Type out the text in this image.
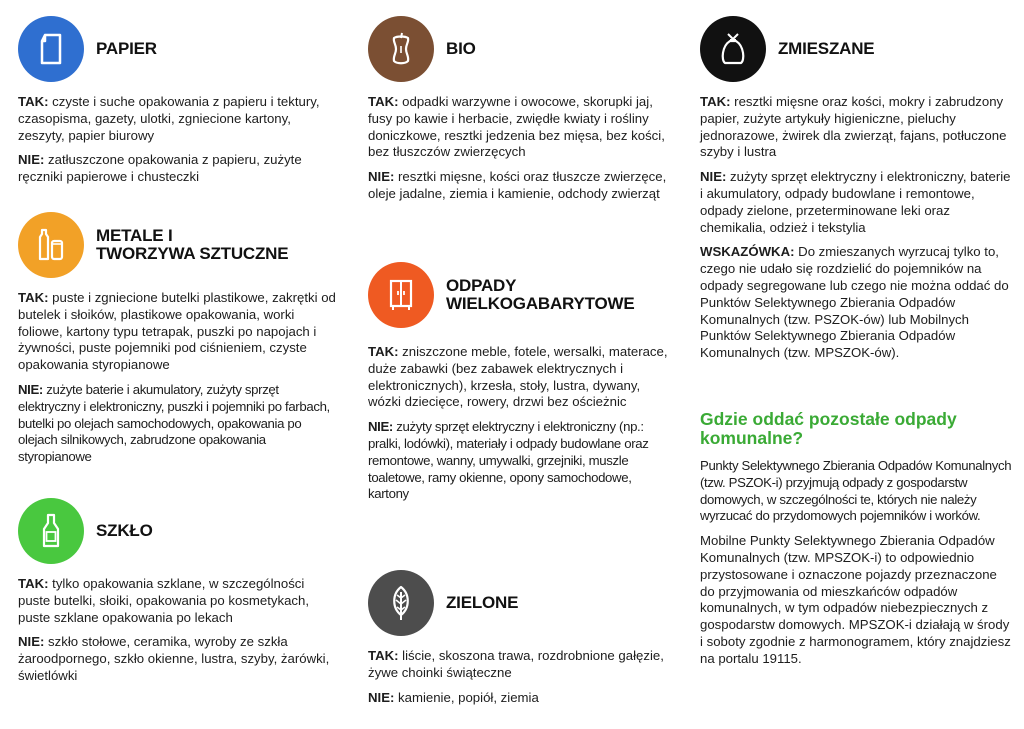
PAPIER

TAK: czyste i suche opakowania z papieru i tektury, czasopisma, gazety, ulotki, zgniecione kartony, zeszyty, papier biurowy

NIE: zatłuszczone opakowania z papieru, zużyte ręczniki papierowe i chusteczki

METALE I
TWORZYWA SZTUCZNE

TAK: puste i zgniecione butelki plastikowe, zakrętki od butelek i słoików, plastikowe opakowania, worki foliowe, kartony typu tetrapak, puszki po napojach i żywności, puste pojemniki pod ciśnieniem, czyste opakowania styropianowe

NIE: zużyte baterie i akumulatory, zużyty sprzęt elektryczny i elektroniczny, puszki i pojemniki po farbach, butelki po olejach samochodowych, opakowania po olejach silnikowych, zabrudzone opakowania styropianowe

SZKŁO

TAK: tylko opakowania szklane, w szczególności puste butelki, słoiki, opakowania po kosmetykach, puste szklane opakowania po lekach

NIE: szkło stołowe, ceramika, wyroby ze szkła żaroodpornego, szkło okienne, lustra, szyby, żarówki, świetlówki

BIO

TAK: odpadki warzywne i owocowe, skorupki jaj, fusy po kawie i herbacie, zwiędłe kwiaty i rośliny doniczkowe, resztki jedzenia bez mięsa, bez kości, bez tłuszczów zwierzęcych

NIE: resztki mięsne, kości oraz tłuszcze zwierzęce, oleje jadalne, ziemia i kamienie, odchody zwierząt

ODPADY
WIELKOGABARYTOWE

TAK: zniszczone meble, fotele, wersalki, materace, duże zabawki (bez zabawek elektrycznych i elektronicznych), krzesła, stoły, lustra, dywany, wózki dziecięce, rowery, drzwi bez ościeżnic

NIE: zużyty sprzęt elektryczny i elektroniczny (np.: pralki, lodówki), materiały i odpady budowlane oraz remontowe, wanny, umywalki, grzejniki, muszle toaletowe, ramy okienne, opony samochodowe, kartony

ZIELONE

TAK: liście, skoszona trawa, rozdrobnione gałęzie, żywe choinki świąteczne

NIE: kamienie, popiół, ziemia

ZMIESZANE

TAK: resztki mięsne oraz kości, mokry i zabrudzony papier, zużyte artykuły higieniczne, pieluchy jednorazowe, żwirek dla zwierząt, fajans, potłuczone szyby i lustra

NIE: zużyty sprzęt elektryczny i elektroniczny, baterie i akumulatory, odpady budowlane i remontowe, odpady zielone, przeterminowane leki oraz chemikalia, odzież i tekstylia

WSKAZÓWKA: Do zmieszanych wyrzucaj tylko to, czego nie udało się rozdzielić do pojemników na odpady segregowane lub czego nie można oddać do Punktów Selektywnego Zbierania Odpadów Komunalnych (tzw. PSZOK-ów) lub Mobilnych Punktów Selektywnego Zbierania Odpadów Komunalnych (tzw. MPSZOK-ów).

Gdzie oddać pozostałe odpady komunalne?

Punkty Selektywnego Zbierania Odpadów Komunalnych (tzw. PSZOK-i) przyjmują odpady z gospodarstw domowych, w szczególności te, których nie należy wyrzucać do przydomowych pojemników i worków.

Mobilne Punkty Selektywnego Zbierania Odpadów Komunalnych (tzw. MPSZOK-i) to odpowiednio przystosowane i oznaczone pojazdy przeznaczone do przyjmowania od mieszkańców odpadów komunalnych, w tym odpadów niebezpiecznych z gospodarstw domowych. MPSZOK-i działają w środy i soboty zgodnie z harmonogramem, który znajdziesz na portalu 19115.
